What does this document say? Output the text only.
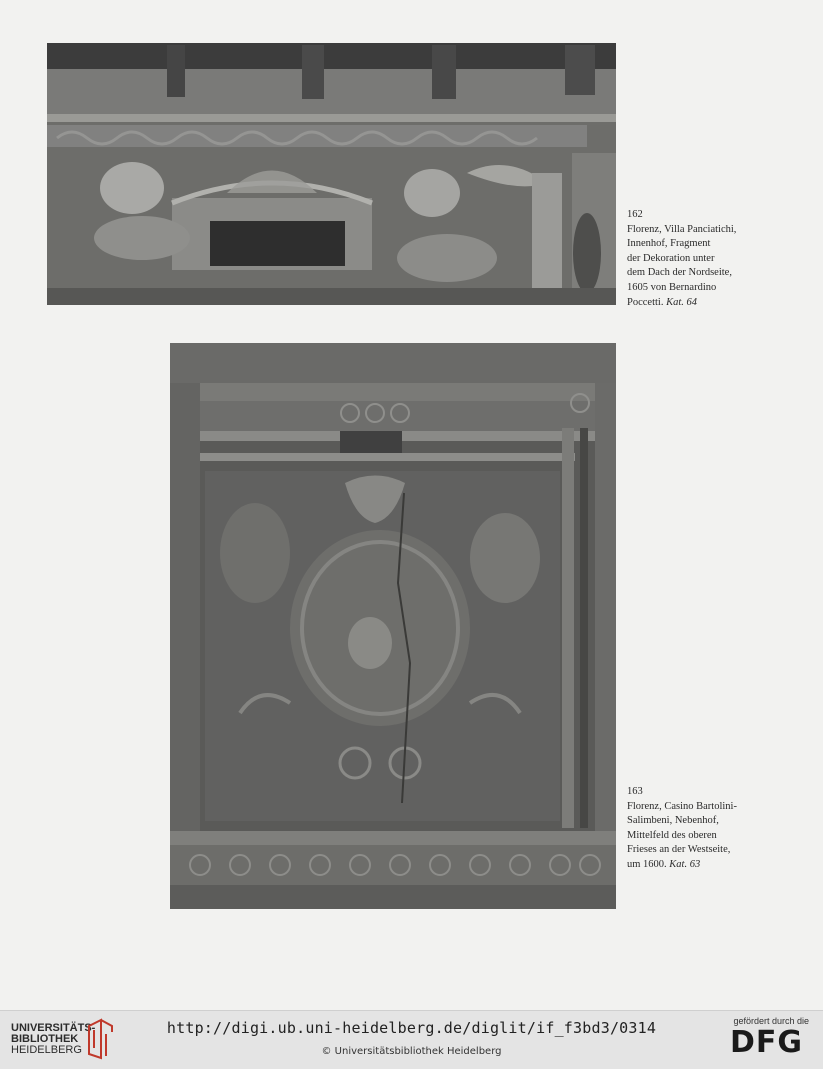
162
Florenz, Villa Panciatichi,
Innenhof, Fragment
der Dekoration unter
dem Dach der Nordseite,
1605 von Bernardino
Poccetti. Kat. 64
163
Florenz, Casino Bartolini-
Salimbeni, Nebenhof,
Mittelfeld des oberen
Frieses an der Westseite,
um 1600. Kat. 63
UNIVERSITÄTS-
BIBLIOTHEK
HEIDELBERG
http://digi.ub.uni-heidelberg.de/diglit/if_f3bd3/0314
© Universitätsbibliothek Heidelberg
gefördert durch die
DFG
